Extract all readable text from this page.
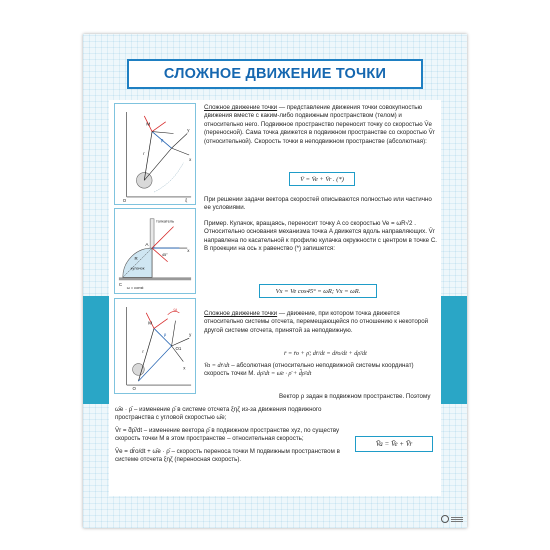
СЛОЖНОЕ ДВИЖЕНИЕ ТОЧКИ
M
ρ
r
O
y
x
ξ

Сложное движение точки — представление движения точки совокупностью движения вместе с каким-либо подвижным пространством (телом) и относительно него. Подвижное пространство переносит точку со скоростью V̄e (переносной). Сама точка движется в подвижном пространстве со скоростью V̄r (относительной). Скорость точки в неподвижном пространстве (абсолютная):

V̄ = V̄e + V̄r . (*)
толкатель
кулачок
A
C
45°
ω = const
R
x

При решении задачи вектора скоростей описываются полностью или частично ее условиями.

Пример. Кулачок, вращаясь, переносит точку A со скоростью Ve = ωR√2 . Относительно основания механизма точка A движется вдоль направляющих. V̄r направлена по касательной к профилю кулачка окружности с центром в точке C.

В проекции на ось x равенство (*) запишется:

Vx = Ve cos45° = ωR; Vx = ωR.
M
ω
O1
ρ
r
O
y
x

Сложное движение точки — движение, при котором точка движется относительно системы отсчета, перемещающейся по отношению к некоторой другой системе отсчета, принятой за неподвижную.

r̄ = r̄o + ρ̄; dr̄/dt = dr̄o/dt + dρ̄/dt

V̄a = dr̄/dt – абсолютная (относительно неподвижной системы координат) скорость точки M. dρ̄/dt = ω̄e · ρ̄ + d̃ρ̄/dt

Вектор ρ задан в подвижном пространстве. Поэтому

ω̄e · ρ̄ – изменение ρ̄ в системе отсчета ξηζ из-за движения подвижного пространства с угловой скоростью ω̄e;

V̄r = d̃ρ̄/dt – изменение вектора ρ̄ в подвижном пространстве xyz, по существу скорость точки M в этом пространстве – относительная скорость;

V̄e = dr̄o/dt + ω̄e · ρ̄ – скорость переноса точки M подвижным пространством в системе отсчета ξηζ (переносная скорость).

V̄a = V̄e + V̄r
